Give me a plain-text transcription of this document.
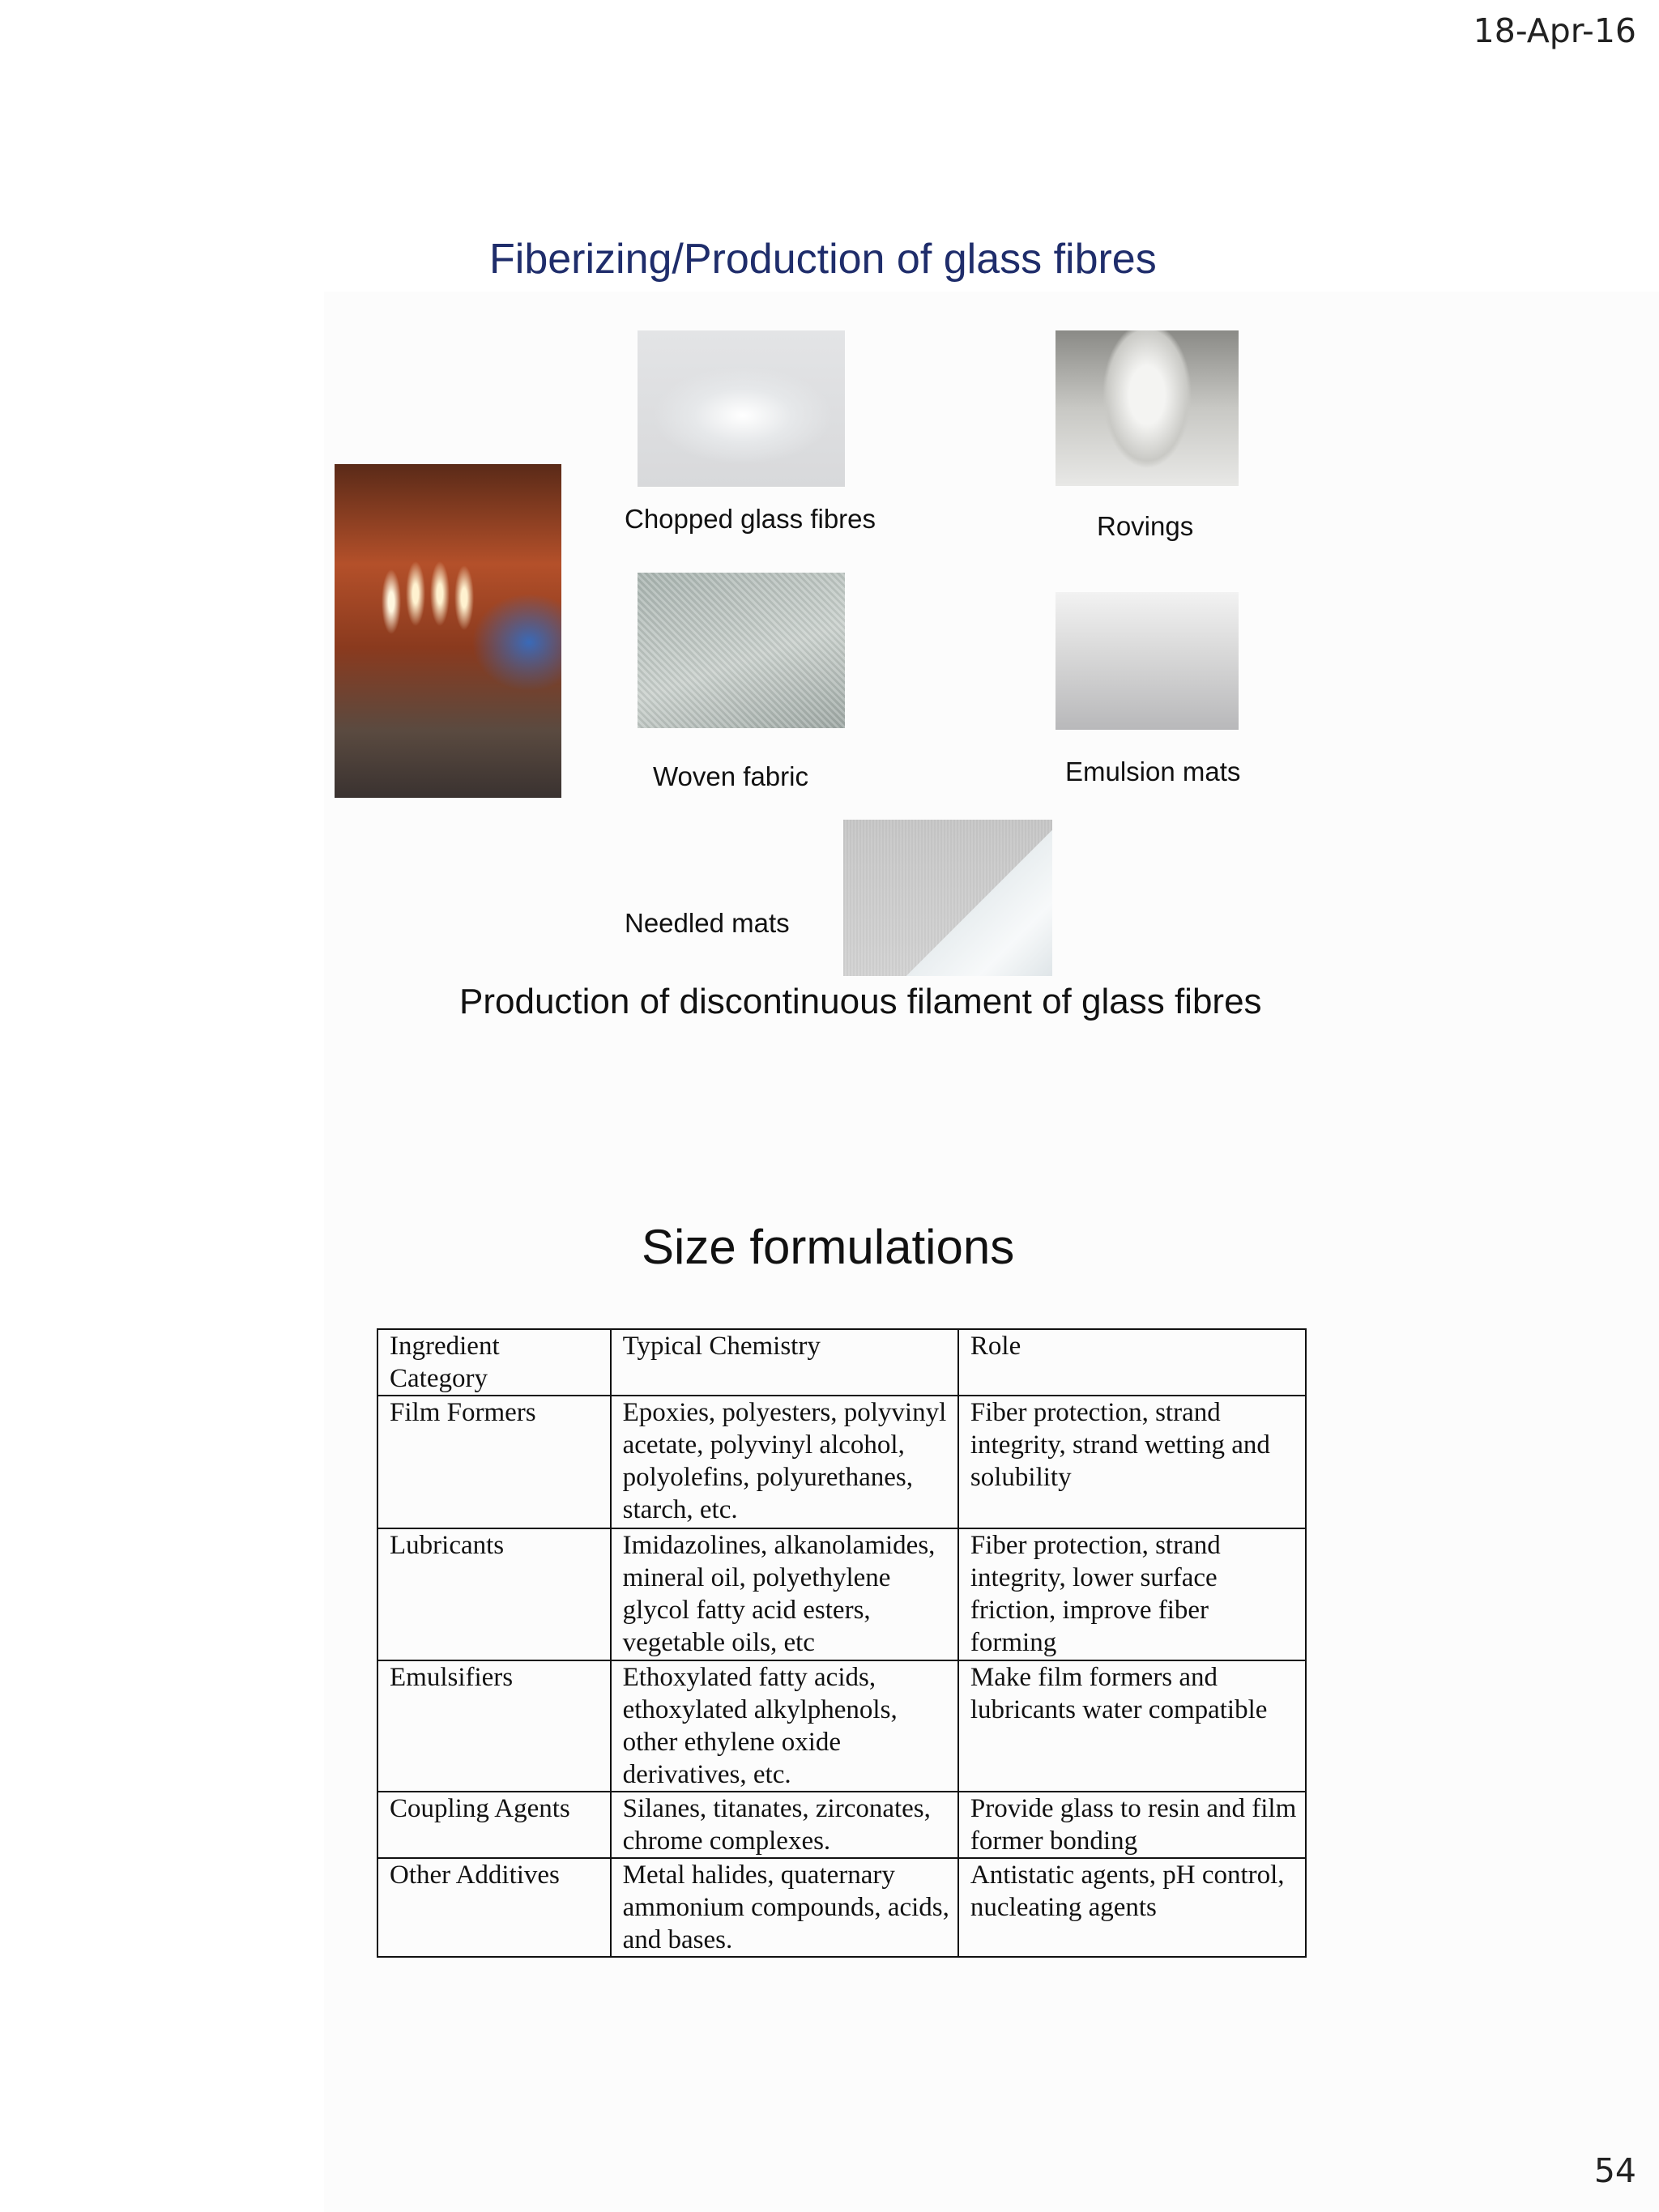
18-Apr-16
Fiberizing/Production of glass fibres
Chopped glass fibres	Rovings
Woven fabric	Emulsion mats
Needled mats
Production of discontinuous filament of glass fibres
Size formulations
Ingredient Category	Typical Chemistry	Role
Film Formers	Epoxies, polyesters, polyvinyl acetate, polyvinyl alcohol, polyolefins, polyurethanes, starch, etc.	Fiber protection, strand integrity, strand wetting and solubility
Lubricants	Imidazolines, alkanolamides, mineral oil, polyethylene glycol fatty acid esters, vegetable oils, etc	Fiber protection, strand integrity, lower surface friction, improve fiber forming
Emulsifiers	Ethoxylated fatty acids, ethoxylated alkylphenols, other ethylene oxide derivatives, etc.	Make film formers and lubricants water compatible
Coupling Agents	Silanes, titanates, zirconates, chrome complexes.	Provide glass to resin and film former bonding
Other Additives	Metal halides, quaternary ammonium compounds, acids, and bases.	Antistatic agents, pH control, nucleating agents
54
